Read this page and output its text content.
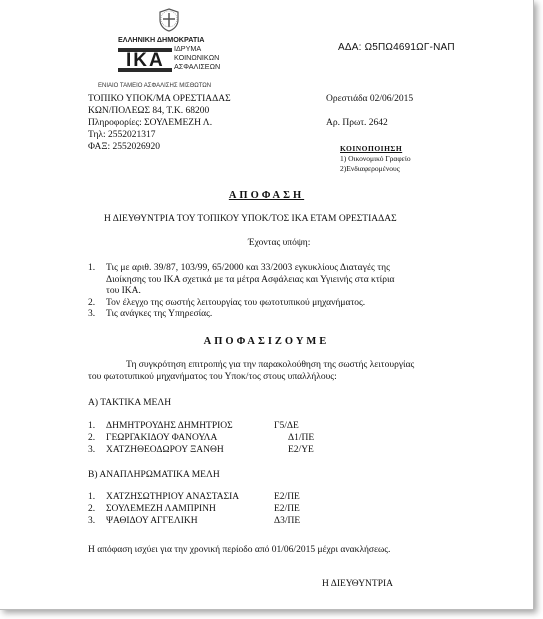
ΕΛΛΗΝΙΚΗ ΔΗΜΟΚΡΑΤΙΑ
ΙΔΡΥΜΑ
ΚΟΙΝΩΝΙΚΩΝ
ΑΣΦΑΛΙΣΕΩΝ
IKA
ΑΔΑ: Ω5ΠΩ4691ΩΓ-ΝΑΠ
ΕΝΙΑΙΟ ΤΑΜΕΙΟ ΑΣΦΑΛΙΣΗΣ ΜΙΣΘΩΤΩΝ
ΤΟΠΙΚΟ ΥΠΟΚ/ΜΑ ΟΡΕΣΤΙΑΔΑΣ
ΚΩΝ/ΠΟΛΕΩΣ 84, Τ.Κ. 68200
Πληροφορίες: ΣΟΥΛΕΜΕΖΗ Λ.
Τηλ: 2552021317
ΦΑΞ: 2552026920
Ορεστιάδα 02/06/2015
Αρ. Πρωτ. 2642
ΚΟΙΝΟΠΟΙΗΣΗ
1) Οικονομικό Γραφείο
2)Ενδιαφερομένους
ΑΠΟΦΑΣΗ
Η ΔΙΕΥΘΥΝΤΡΙΑ ΤΟΥ ΤΟΠΙΚΟΥ ΥΠΟΚ/ΤΟΣ ΙΚΑ ΕΤΑΜ ΟΡΕΣΤΙΑΔΑΣ
Έχοντας υπόψη:
1. Τις με αριθ. 39/87, 103/99, 65/2000 και 33/2003 εγκυκλίους Διαταγές της
Διοίκησης του ΙΚΑ σχετικά με τα μέτρα Ασφάλειας και Υγιεινής στα κτίρια
του ΙΚΑ.
2. Τον έλεγχο της σωστής λειτουργίας του φωτοτυπικού μηχανήματος.
3. Τις ανάγκες της Υπηρεσίας.
ΑΠΟΦΑΣΙΖΟΥΜΕ
Τη συγκρότηση επιτροπής για την παρακολούθηση της σωστής λειτουργίας
του φωτοτυπικού μηχανήματος του Υποκ/τος στους υπαλλήλους:
Α) ΤΑΚΤΙΚΑ ΜΕΛΗ
1. ΔΗΜΗΤΡΟΥΔΗΣ ΔΗΜΗΤΡΙΟΣ	Γ5/ΔΕ
2. ΓΕΩΡΓΑΚΙΔΟΥ ΦΑΝΟΥΛΑ	Δ1/ΠΕ
3. ΧΑΤΖΗΘΕΟΔΩΡΟΥ ΞΑΝΘΗ	Ε2/ΥΕ
Β) ΑΝΑΠΛΗΡΩΜΑΤΙΚΑ ΜΕΛΗ
1. ΧΑΤΖΗΣΩΤΗΡΙΟΥ ΑΝΑΣΤΑΣΙΑ	Ε2/ΠΕ
2. ΣΟΥΛΕΜΕΖΗ ΛΑΜΠΡΙΝΗ	Ε2/ΠΕ
3. ΨΑΘΙΔΟΥ ΑΓΓΕΛΙΚΗ	Δ3/ΠΕ
Η απόφαση ισχύει για την χρονική περίοδο από 01/06/2015 μέχρι ανακλήσεως.
Η ΔΙΕΥΘΥΝΤΡΙΑ
